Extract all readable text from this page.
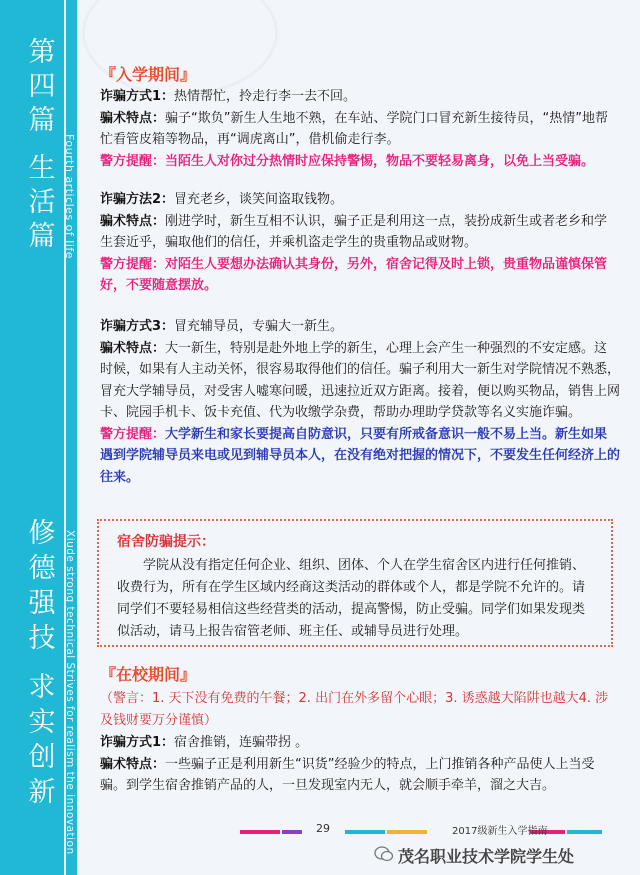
第
四
篇
生
活
篇 Fourth articles of life
修
德
强
技
求
实
创
新 Xiude strong technical Strives for realism the innovation
『入学期间』
诈骗方式1：热情帮忙，拎走行李一去不回。
骗术特点：骗子“欺负”新生人生地不熟，在车站、学院门口冒充新生接待员，“热情”地帮忙看管皮箱等物品，再“调虎离山”，借机偷走行李。
警方提醒：当陌生人对你过分热情时应保持警惕，物品不要轻易离身，以免上当受骗。
诈骗方法2：冒充老乡，谈笑间盗取钱物。
骗术特点：刚进学时，新生互相不认识，骗子正是利用这一点，装扮成新生或者老乡和学生套近乎，骗取他们的信任，并乘机盗走学生的贵重物品或财物。
警方提醒：对陌生人要想办法确认其身份，另外，宿舍记得及时上锁，贵重物品谨慎保管好，不要随意摆放。
诈骗方式3：冒充辅导员，专骗大一新生。
骗术特点：大一新生，特别是赴外地上学的新生，心理上会产生一种强烈的不安定感。这时候，如果有人主动关怀，很容易取得他们的信任。骗子利用大一新生对学院情况不熟悉，冒充大学辅导员，对受害人嘘寒问暖，迅速拉近双方距离。接着，便以购买物品，销售上网卡、院园手机卡、饭卡充值、代为收缴学杂费，帮助办理助学贷款等名义实施诈骗。
警方提醒：大学新生和家长要提高自防意识，只要有所戒备意识一般不易上当。新生如果遇到学院辅导员来电或见到辅导员本人，在没有绝对把握的情况下，不要发生任何经济上的往来。
宿舍防骗提示：
学院从没有指定任何企业、组织、团体、个人在学生宿舍区内进行任何推销、收费行为，所有在学生区域内经商这类活动的群体或个人，都是学院不允许的。请同学们不要轻易相信这些经营类的活动，提高警惕，防止受骗。同学们如果发现类似活动，请马上报告宿管老师、班主任、或辅导员进行处理。
『在校期间』
（警言：1. 天下没有免费的午餐；2. 出门在外多留个心眼；3. 诱惑越大陷阱也越大4. 涉及钱财要万分谨慎）
诈骗方式1：宿舍推销，连骗带拐 。
骗术特点：一些骗子正是利用新生“识货”经验少的特点，上门推销各种产品使人上当受骗。到学生宿舍推销产品的人，一旦发现室内无人，就会顺手牵羊，溜之大吉。
29	2017级新生入学指南
茂名职业技术学院学生处
